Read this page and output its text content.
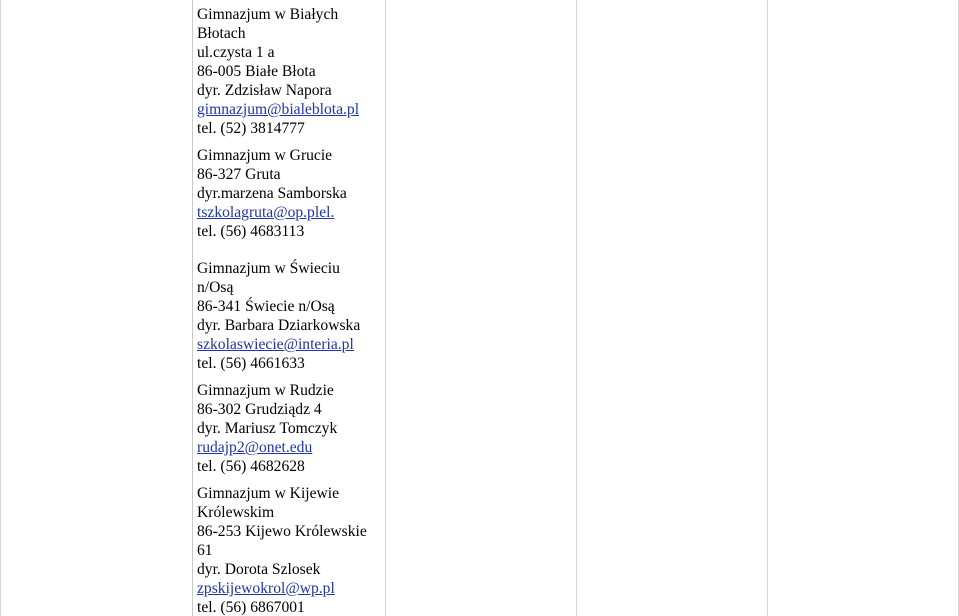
Gimnazjum w Białych
Błotach
ul.czysta 1 a
86-005 Białe Błota
dyr. Zdzisław Napora
gimnazjum@bialeblota.pl
tel. (52) 3814777
Gimnazjum w Grucie
86-327 Gruta
dyr.marzena Samborska
tszkolagruta@op.plel.
tel. (56) 4683113
Gimnazjum w Świeciu
n/Osą
86-341 Świecie n/Osą
dyr. Barbara Dziarkowska
szkolaswiecie@interia.pl
tel. (56) 4661633
Gimnazjum w Rudzie
86-302 Grudziądz 4
dyr. Mariusz Tomczyk
rudajp2@onet.edu
tel. (56) 4682628
Gimnazjum w Kijewie
Królewskim
86-253 Kijewo Królewskie
61
dyr. Dorota Szlosek
zpskijewokrol@wp.pl
tel. (56) 6867001
